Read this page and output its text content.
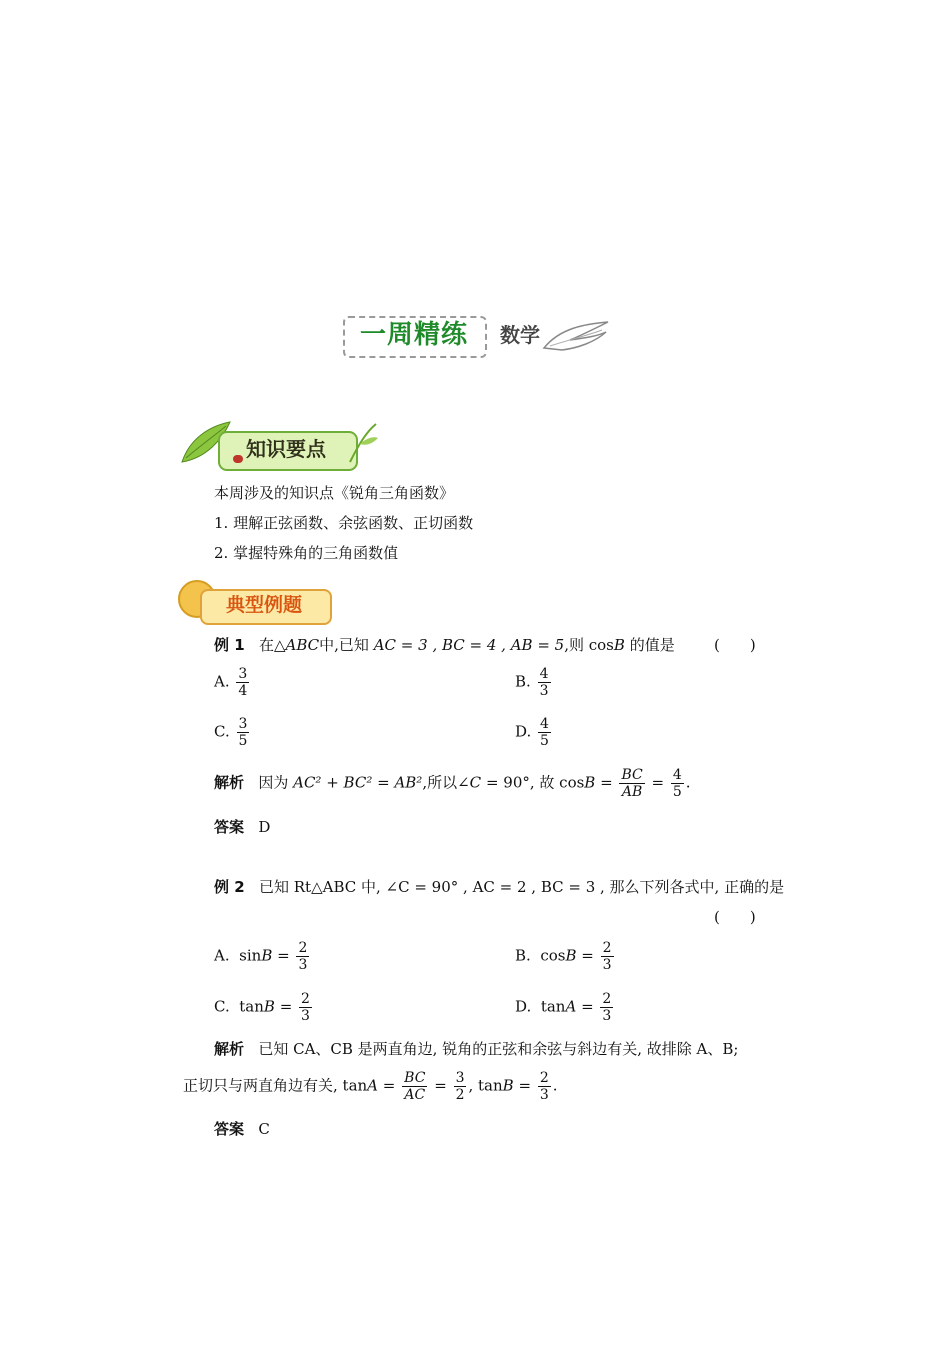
一周精练	数学
知识要点
本周涉及的知识点《锐角三角函数》
1. 理解正弦函数、余弦函数、正切函数
2. 掌握特殊角的三角函数值
典型例题
例 1 在△ABC中,已知 AC = 3 , BC = 4 , AB = 5,则 cosB 的值是	(　　)
A. $\frac{3}{4}$	B. $\frac{4}{3}$
C. $\frac{3}{5}$	D. $\frac{4}{5}$
解析 因为 AC² + BC² = AB²,所以∠C = 90°, 故 $\cos B = \frac{BC}{AB} = \frac{4}{5}$ .
答案 D
例 2 已知 Rt△ABC 中, ∠C = 90° , AC = 2 , BC = 3 , 那么下列各式中, 正确的是
(　　)
A. $\sin B = \frac{2}{3}$	B. $\cos B = \frac{2}{3}$
C. $\tan B = \frac{2}{3}$	D. $\tan A = \frac{2}{3}$
解析 已知 CA、CB 是两直角边, 锐角的正弦和余弦与斜边有关, 故排除 A、B;
正切只与两直角边有关, $\tan A = \frac{BC}{AC} = \frac{3}{2}$ , $\tan B = \frac{2}{3}$ .
答案 C
